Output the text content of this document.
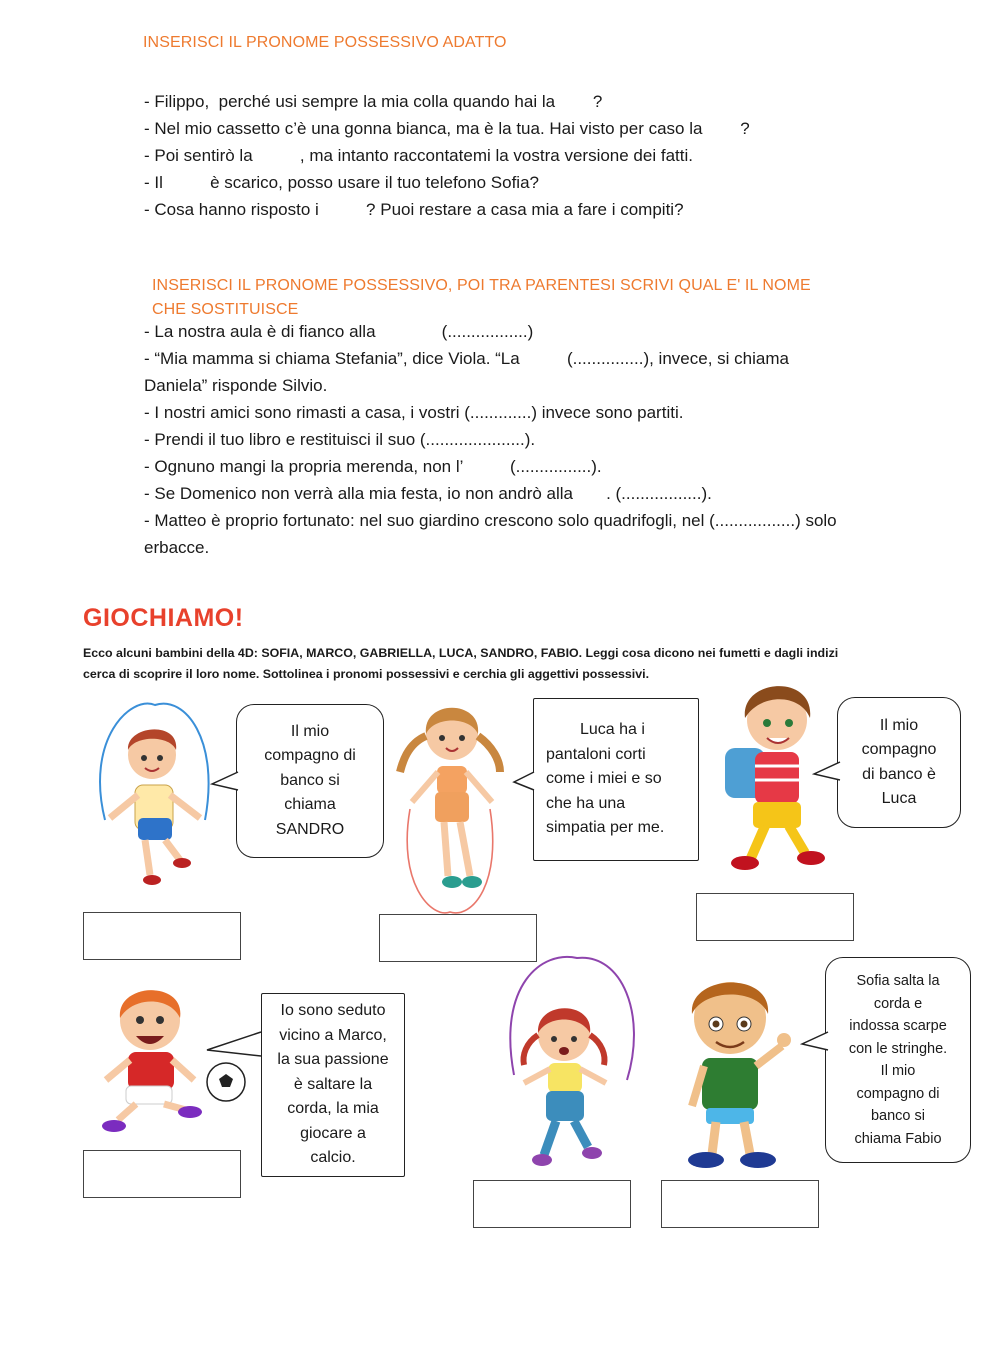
INSERISCI IL PRONOME POSSESSIVO ADATTO
- Filippo,  perché usi sempre la mia colla quando hai la        ?
- Nel mio cassetto c’è una gonna bianca, ma è la tua. Hai visto per caso la        ?
- Poi sentirò la          , ma intanto raccontatemi la vostra versione dei fatti.
- Il          è scarico, posso usare il tuo telefono Sofia?
- Cosa hanno risposto i          ? Puoi restare a casa mia a fare i compiti?
INSERISCI IL PRONOME POSSESSIVO, POI TRA PARENTESI SCRIVI QUAL E' IL NOME
CHE SOSTITUISCE
- La nostra aula è di fianco alla              (.................)
- “Mia mamma si chiama Stefania”, dice Viola. “La          (...............), invece, si chiama Daniela” risponde Silvio.
- I nostri amici sono rimasti a casa, i vostri (.............) invece sono partiti.
- Prendi il tuo libro e restituisci il suo (.....................).
- Ognuno mangi la propria merenda, non l’          (................).
- Se Domenico non verrà alla mia festa, io non andrò alla       . (.................).
- Matteo è proprio fortunato: nel suo giardino crescono solo quadrifogli, nel (.................) solo erbacce.
GIOCHIAMO!
Ecco alcuni bambini della 4D: SOFIA, MARCO, GABRIELLA, LUCA, SANDRO, FABIO. Leggi cosa dicono nei fumetti e dagli indizi
cerca di scoprire il loro nome. Sottolinea i pronomi possessivi e cerchia gli aggettivi possessivi.
Il mio
compagno di
banco si
chiama
SANDRO
Luca ha i
pantaloni corti
come i miei e so
che ha una
simpatia per me.
Il mio
compagno
di banco è
Luca
Io sono seduto
vicino a Marco,
la sua passione
è saltare la
corda, la mia
giocare a
calcio.
Sofia salta la
corda e
indossa scarpe
con le stringhe.
Il mio
compagno di
banco si
chiama Fabio
